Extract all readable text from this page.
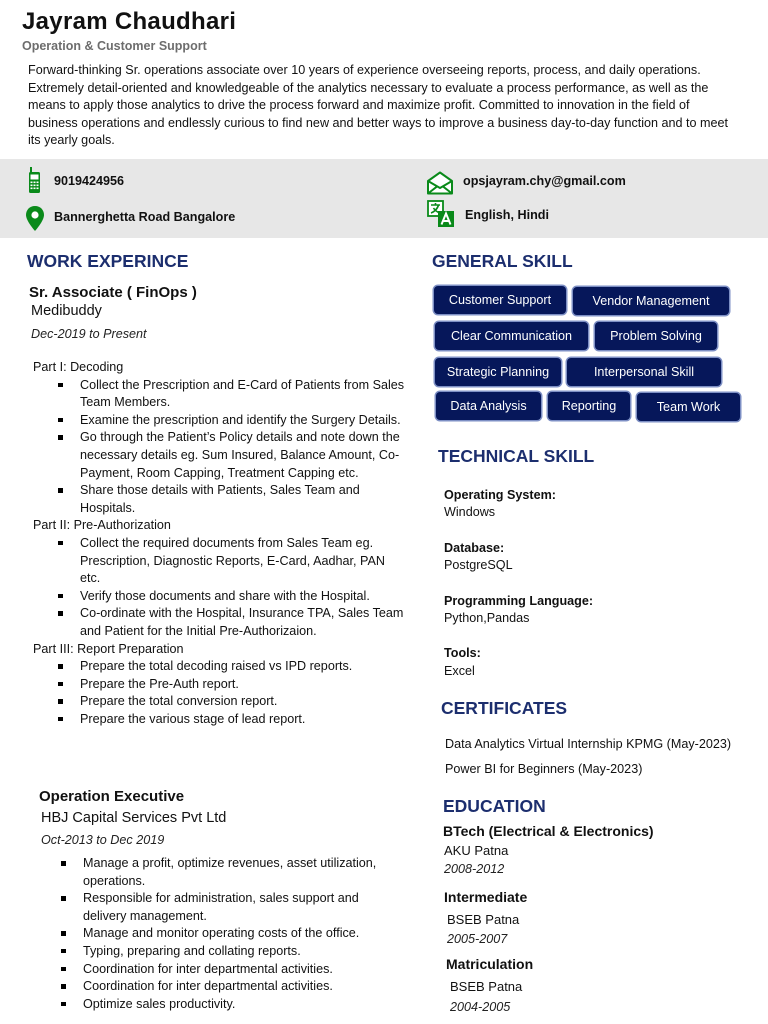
Jayram Chaudhari
Operation & Customer Support
Forward-thinking Sr. operations associate over 10 years of experience overseeing reports, process, and daily operations. Extremely detail-oriented and knowledgeable of the analytics necessary to evaluate a process performance, as well as the means to apply those analytics to drive the process forward and maximize profit. Committed to innovation in the field of business operations and endlessly curious to find new and better ways to improve a business day-to-day function and to meet its yearly goals.
9019424956
Bannerghetta Road Bangalore
opsjayram.chy@gmail.com
English, Hindi
WORK EXPERINCE
Sr. Associate ( FinOps )
Medibuddy
Dec-2019 to Present
Part I: Decoding
Collect the Prescription and E-Card of Patients from Sales Team Members.
Examine the prescription and identify the Surgery Details.
Go through the Patient’s Policy details and note down the necessary details eg. Sum Insured, Balance Amount, Co-Payment, Room Capping, Treatment Capping etc.
Share those details with Patients, Sales Team and Hospitals.
Part II: Pre-Authorization
Collect the required documents from Sales Team eg. Prescription, Diagnostic Reports, E-Card, Aadhar, PAN etc.
Verify those documents and share with the Hospital.
Co-ordinate with the Hospital, Insurance TPA, Sales Team and Patient for the Initial Pre-Authorizaion.
Part III: Report Preparation
Prepare the total decoding raised vs IPD reports.
Prepare the Pre-Auth report.
Prepare the total conversion report.
Prepare the various stage of lead report.
Operation Executive
HBJ Capital Services Pvt Ltd
Oct-2013 to Dec 2019
Manage a profit, optimize revenues, asset utilization, operations.
Responsible for administration, sales support and delivery management.
Manage and monitor operating costs of the office.
Typing, preparing and collating reports.
Coordination for inter departmental activities.
Coordination for inter departmental activities.
Optimize sales productivity.
GENERAL SKILL
Customer Support	Vendor Management
Clear Communication	Problem Solving
Strategic Planning	Interpersonal Skill
Data Analysis	Reporting	Team Work
TECHNICAL SKILL
Operating System:
Windows
Database:
PostgreSQL
Programming Language:
Python,Pandas
Tools:
Excel
CERTIFICATES
Data Analytics Virtual Internship KPMG (May-2023)
Power BI for Beginners (May-2023)
EDUCATION
BTech (Electrical & Electronics)
AKU Patna
2008-2012
Intermediate
BSEB Patna
2005-2007
Matriculation
BSEB Patna
2004-2005
